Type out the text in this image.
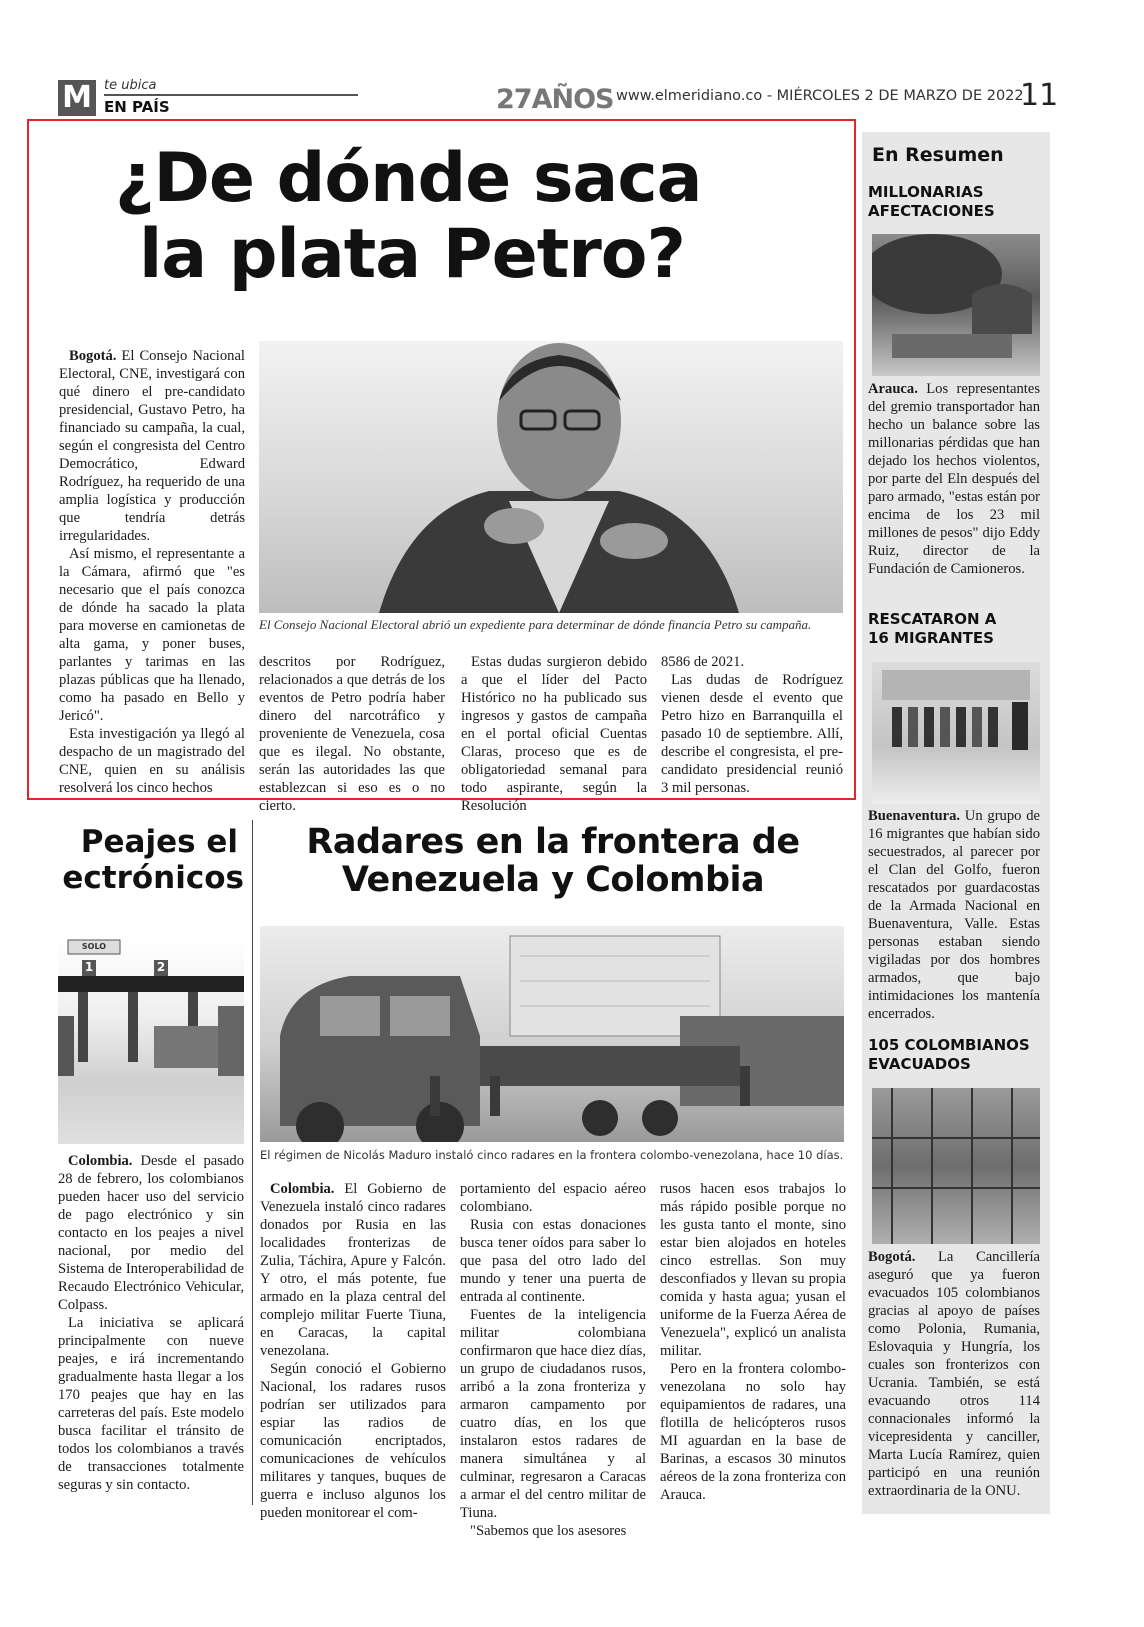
M te ubica
EN PAÍS	27AÑOS www.elmeridiano.co - MIÉRCOLES 2 DE MARZO DE 2022
11
¿De dónde saca
la plata Petro?
El Consejo Nacional Electoral abrió un expediente para determinar de dónde financia Petro su campaña.

Bogotá. El Consejo Nacional Electoral, CNE, investigará con qué dinero el pre-candidato presidencial, Gustavo Petro, ha financiado su campaña, la cual, según el congresista del Centro Democrático, Edward Rodríguez, ha requerido de una amplia logística y producción que tendría detrás irregularidades.

Así mismo, el representante a la Cámara, afirmó que "es necesario que el país conozca de dónde ha sacado la plata para moverse en camionetas de alta gama, y poner buses, parlantes y tarimas en las plazas públicas que ha llenado, como ha pasado en Bello y Jericó".

Esta investigación ya llegó al despacho de un magistrado del CNE, quien en su análisis resolverá los cinco hechos

descritos por Rodríguez, relacionados a que detrás de los eventos de Petro podría haber dinero del narcotráfico y proveniente de Venezuela, cosa que es ilegal. No obstante, serán las autoridades las que establezcan si eso es o no cierto.

Estas dudas surgieron debido a que el líder del Pacto Histórico no ha publicado sus ingresos y gastos de campaña en el portal oficial Cuentas Claras, proceso que es de obligatoriedad semanal para todo aspirante, según la Resolución

8586 de 2021.

Las dudas de Rodríguez vienen desde el evento que Petro hizo en Barranquilla el pasado 10 de septiembre. Allí, describe el congresista, el pre-candidato presidencial reunió 3 mil personas.

Peajes el
ectrónicos
SOLO
1	2

Colombia. Desde el pasado 28 de febrero, los colombianos pueden hacer uso del servicio de pago electrónico y sin contacto en los peajes a nivel nacional, por medio del Sistema de Interoperabilidad de Recaudo Electrónico Vehicular, Colpass.

La iniciativa se aplicará principalmente con nueve peajes, e irá incrementando gradualmente hasta llegar a los 170 peajes que hay en las carreteras del país. Este modelo busca facilitar el tránsito de todos los colombianos a través de transacciones totalmente seguras y sin contacto.

Radares en la frontera de
Venezuela y Colombia
El régimen de Nicolás Maduro instaló cinco radares en la frontera colombo-venezolana, hace 10 días.

Colombia. El Gobierno de Venezuela instaló cinco radares donados por Rusia en las localidades fronterizas de Zulia, Táchira, Apure y Falcón. Y otro, el más potente, fue armado en la plaza central del complejo militar Fuerte Tiuna, en Caracas, la capital venezolana.

Según conoció el Gobierno Nacional, los radares rusos podrían ser utilizados para espiar las radios de comunicación encriptados, comunicaciones de vehículos militares y tanques, buques de guerra e incluso algunos los pueden monitorear el com-

portamiento del espacio aéreo colombiano.

Rusia con estas donaciones busca tener oídos para saber lo que pasa del otro lado del mundo y tener una puerta de entrada al continente.

Fuentes de la inteligencia militar colombiana confirmaron que hace diez días, un grupo de ciudadanos rusos, arribó a la zona fronteriza y armaron campamento por cuatro días, en los que instalaron estos radares de manera simultánea y al culminar, regresaron a Caracas a armar el del centro militar de Tiuna.

"Sabemos que los asesores

rusos hacen esos trabajos lo más rápido posible porque no les gusta tanto el monte, sino estar bien alojados en hoteles cinco estrellas. Son muy desconfiados y llevan su propia comida y hasta agua; yusan el uniforme de la Fuerza Aérea de Venezuela", explicó un analista militar.

Pero en la frontera colombo-venezolana no solo hay equipamientos de radares, una flotilla de helicópteros rusos MI aguardan en la base de Barinas, a escasos 30 minutos aéreos de la zona fronteriza con Arauca.

En Resumen
MILLONARIAS
AFECTACIONES

Arauca. Los representantes del gremio transportador han hecho un balance sobre las millonarias pérdidas que han dejado los hechos violentos, por parte del Eln después del paro armado, "estas están por encima de los 23 mil millones de pesos" dijo Eddy Ruiz, director de la Fundación de Camioneros.

RESCATARON A
16 MIGRANTES

Buenaventura. Un grupo de 16 migrantes que habían sido secuestrados, al parecer por el Clan del Golfo, fueron rescatados por guardacostas de la Armada Nacional en Buenaventura, Valle. Estas personas estaban siendo vigiladas por dos hombres armados, que bajo intimidaciones los mantenía encerrados.

105 COLOMBIANOS
EVACUADOS

Bogotá. La Cancillería aseguró que ya fueron evacuados 105 colombianos gracias al apoyo de países como Polonia, Rumania, Eslovaquia y Hungría, los cuales son fronterizos con Ucrania. También, se está evacuando otros 114 connacionales informó la vicepresidenta y canciller, Marta Lucía Ramírez, quien participó en una reunión extraordinaria de la ONU.
